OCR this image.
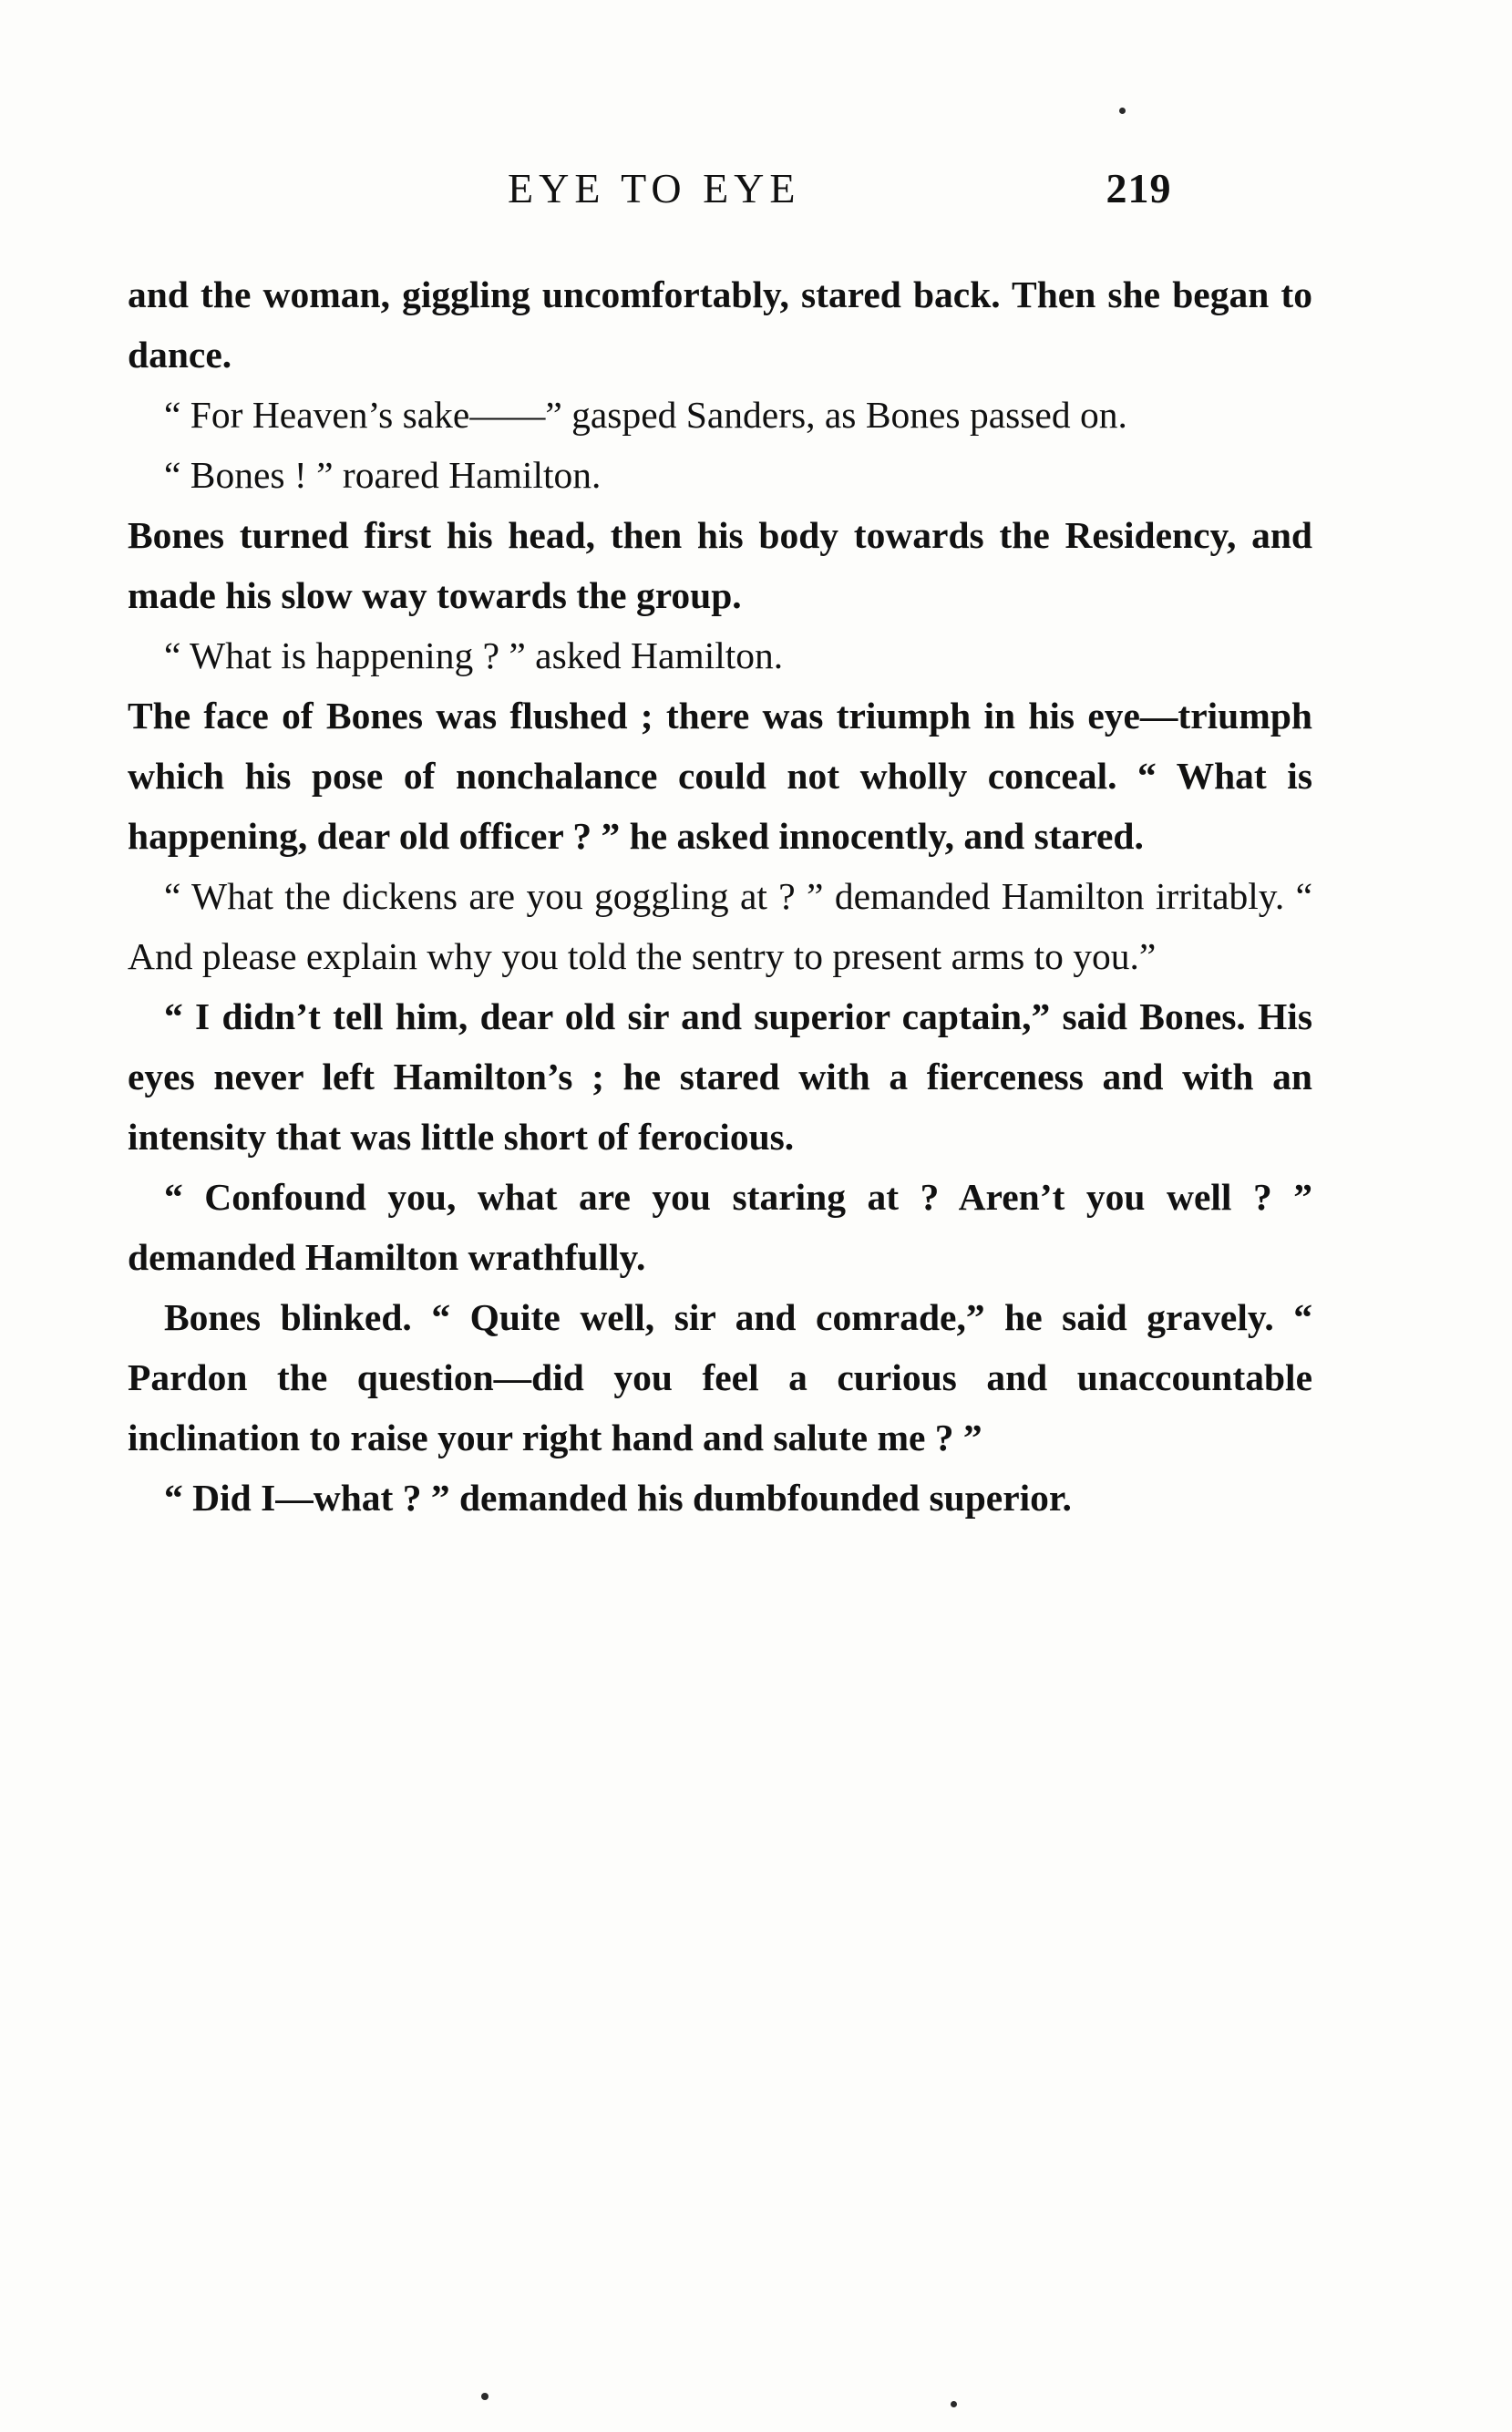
EYE TO EYE	219

and the woman, giggling uncomfortably, stared back. Then she began to dance.

“ For Heaven’s sake——” gasped Sanders, as Bones passed on.

“ Bones ! ” roared Hamilton.

Bones turned first his head, then his body towards the Residency, and made his slow way towards the group.

“ What is happening ? ” asked Hamilton.

The face of Bones was flushed ; there was triumph in his eye—triumph which his pose of nonchalance could not wholly conceal. “ What is happening, dear old officer ? ” he asked innocently, and stared.

“ What the dickens are you goggling at ? ” demanded Hamilton irritably. “ And please explain why you told the sentry to present arms to you.”

“ I didn’t tell him, dear old sir and superior captain,” said Bones. His eyes never left Hamilton’s ; he stared with a fierceness and with an intensity that was little short of ferocious.

“ Confound you, what are you staring at ? Aren’t you well ? ” demanded Hamilton wrathfully.

Bones blinked. “ Quite well, sir and comrade,” he said gravely. “ Pardon the question—did you feel a curious and unaccountable inclination to raise your right hand and salute me ? ”

“ Did I—what ? ” demanded his dumbfounded superior.
